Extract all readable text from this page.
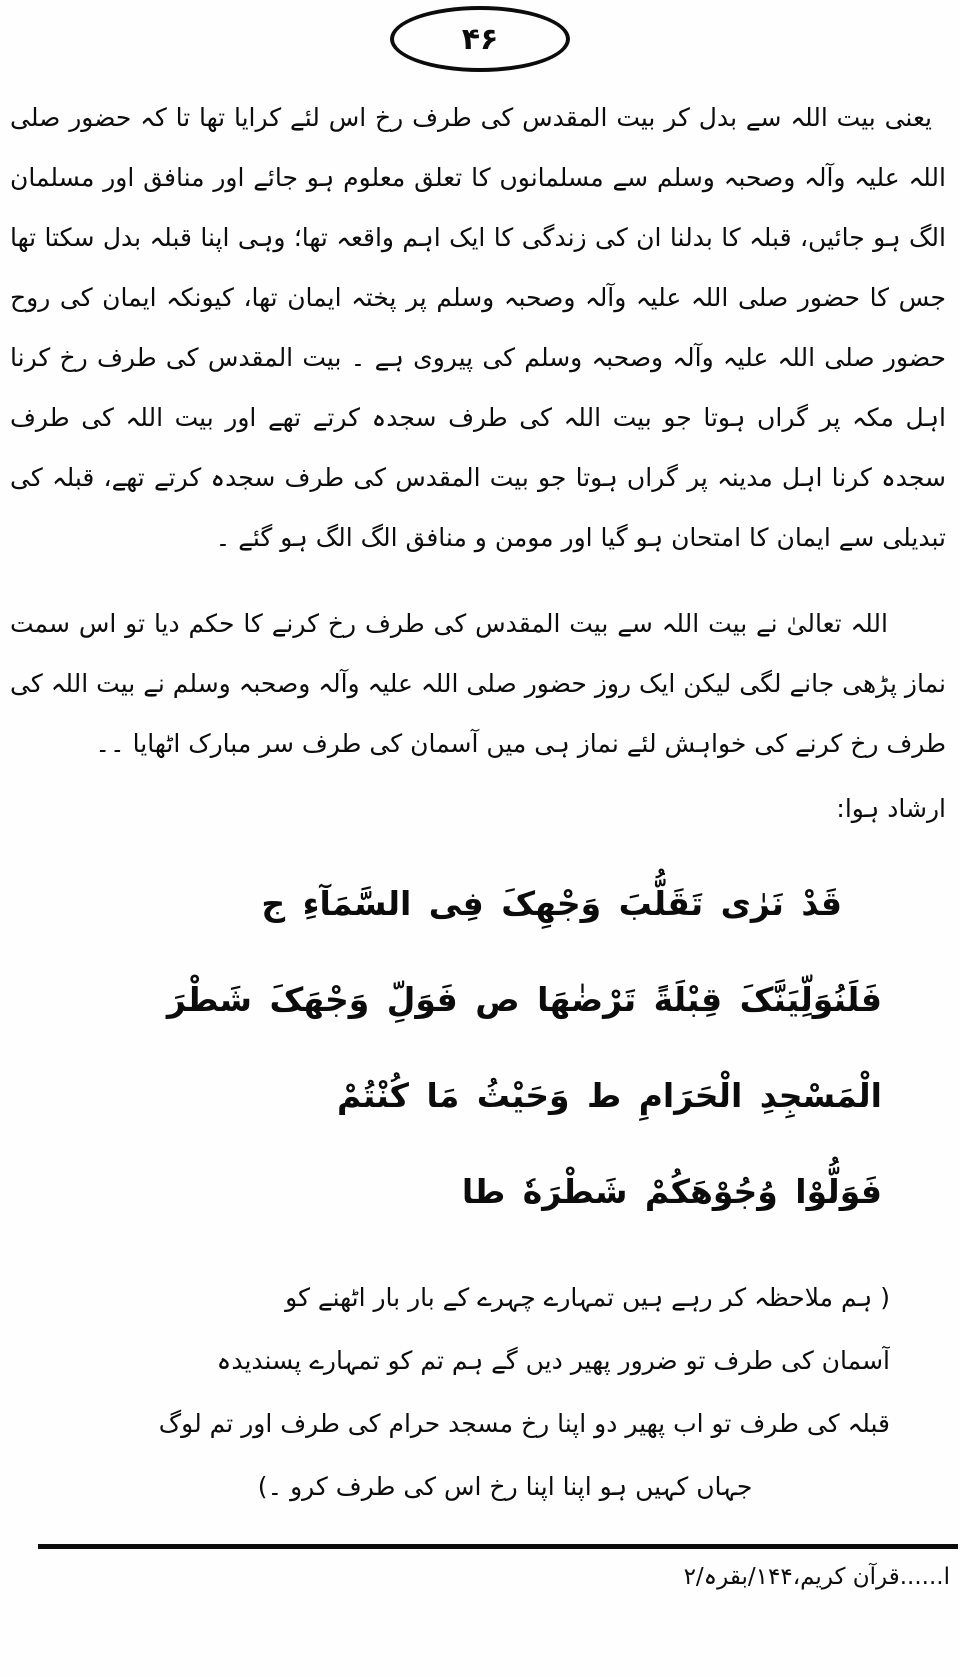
۴۶

یعنی بیت اللہ سے بدل کر بیت المقدس کی طرف رخ اس لئے کرایا تھا تا کہ حضور صلی اللہ علیہ وآلہ وصحبہ وسلم سے مسلمانوں کا تعلق معلوم ہو جائے اور منافق اور مسلمان الگ ہو جائیں، قبلہ کا بدلنا ان کی زندگی کا ایک اہم واقعہ تھا؛ وہی اپنا قبلہ بدل سکتا تھا جس کا حضور صلی اللہ علیہ وآلہ وصحبہ وسلم پر پختہ ایمان تھا، کیونکہ ایمان کی روح حضور صلی اللہ علیہ وآلہ وصحبہ وسلم کی پیروی ہے ۔ بیت المقدس کی طرف رخ کرنا اہل مکہ پر گراں ہوتا جو بیت اللہ کی طرف سجدہ کرتے تھے اور بیت اللہ کی طرف سجدہ کرنا اہل مدینہ پر گراں ہوتا جو بیت المقدس کی طرف سجدہ کرتے تھے، قبلہ کی تبدیلی سے ایمان کا امتحان ہو گیا اور مومن و منافق الگ الگ ہو گئے ۔

اللہ تعالیٰ نے بیت اللہ سے بیت المقدس کی طرف رخ کرنے کا حکم دیا تو اس سمت نماز پڑھی جانے لگی لیکن ایک روز حضور صلی اللہ علیہ وآلہ وصحبہ وسلم نے بیت اللہ کی طرف رخ کرنے کی خواہش لئے نماز ہی میں آسمان کی طرف سر مبارک اٹھایا ۔۔

ارشاد ہوا:

قَدْ نَرٰی تَقَلُّبَ وَجْهِکَ فِی السَّمَآءِ ج
فَلَنُوَلِّیَنَّکَ قِبْلَةً تَرْضٰهَا ص فَوَلِّ وَجْهَکَ شَطْرَ
الْمَسْجِدِ الْحَرَامِ ط وَحَیْثُ مَا کُنْتُمْ
فَوَلُّوْا وُجُوْهَکُمْ شَطْرَهٗ طا
( ہم ملاحظہ کر رہے ہیں تمہارے چہرے کے بار بار اٹھنے کو
آسمان کی طرف تو ضرور پھیر دیں گے ہم تم کو تمہارے پسندیدہ
قبلہ کی طرف تو اب پھیر دو اپنا رخ مسجد حرام کی طرف اور تم لوگ
جہاں کہیں ہو اپنا اپنا رخ اس کی طرف کرو ۔)

ا......قرآن کریم،۱۴۴/بقرہ/۲
